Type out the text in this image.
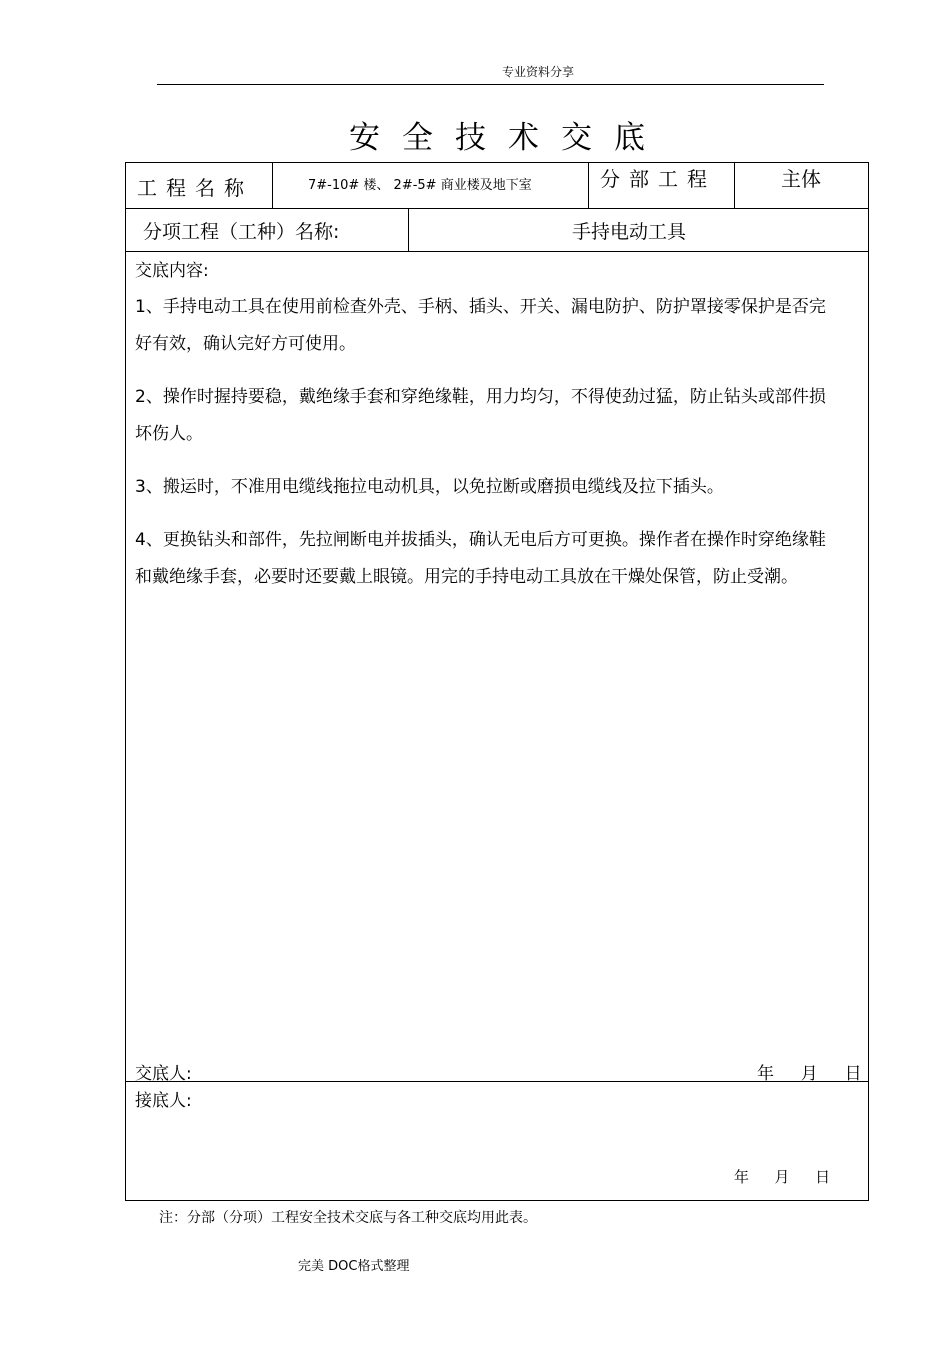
专业资料分享
安全技术交底
工程名称	7#-10# 楼、 2#-5# 商业楼及地下室	分部工程	主体
分项工程（工种）名称:	手持电动工具
交底内容:

1、手持电动工具在使用前检查外壳、手柄、插头、开关、漏电防护、防护罩接零保护是否完好有效，确认完好方可使用。

2、操作时握持要稳，戴绝缘手套和穿绝缘鞋，用力均匀，不得使劲过猛，防止钻头或部件损坏伤人。

3、搬运时，不准用电缆线拖拉电动机具，以免拉断或磨损电缆线及拉下插头。

4、更换钻头和部件，先拉闸断电并拔插头，确认无电后方可更换。操作者在操作时穿绝缘鞋和戴绝缘手套，必要时还要戴上眼镜。用完的手持电动工具放在干燥处保管，防止受潮。

交底人:	年  月  日
接底人:
年  月  日
注：分部（分项）工程安全技术交底与各工种交底均用此表。
完美 DOC格式整理
